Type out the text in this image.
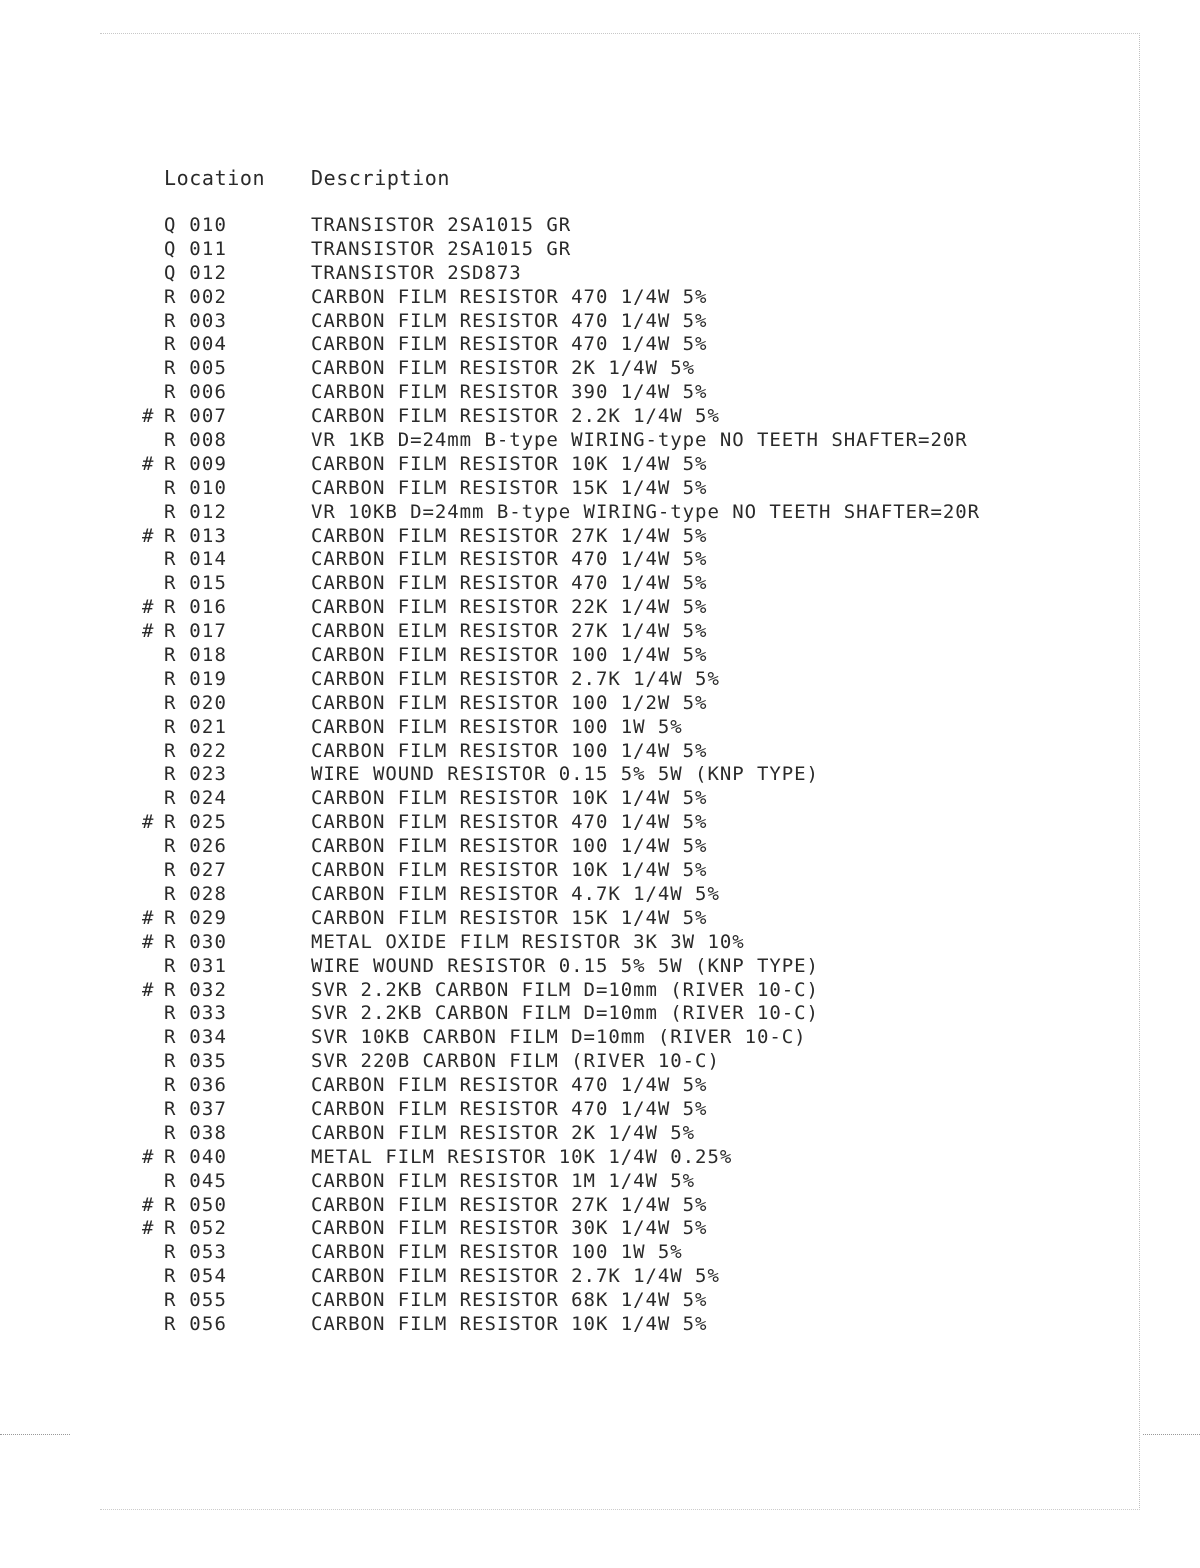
Location Description
Q 010	TRANSISTOR 2SA1015 GR
Q 011	TRANSISTOR 2SA1015 GR
Q 012	TRANSISTOR 2SD873
R 002	CARBON FILM RESISTOR 470 1/4W 5%
R 003	CARBON FILM RESISTOR 470 1/4W 5%
R 004	CARBON FILM RESISTOR 470 1/4W 5%
R 005	CARBON FILM RESISTOR 2K 1/4W 5%
R 006	CARBON FILM RESISTOR 390 1/4W 5%
# R 007	CARBON FILM RESISTOR 2.2K 1/4W 5%
R 008	VR 1KB D=24mm B-type WIRING-type NO TEETH SHAFTER=20R
# R 009	CARBON FILM RESISTOR 10K 1/4W 5%
R 010	CARBON FILM RESISTOR 15K 1/4W 5%
R 012	VR 10KB D=24mm B-type WIRING-type NO TEETH SHAFTER=20R
# R 013	CARBON FILM RESISTOR 27K 1/4W 5%
R 014	CARBON FILM RESISTOR 470 1/4W 5%
R 015	CARBON FILM RESISTOR 470 1/4W 5%
# R 016	CARBON FILM RESISTOR 22K 1/4W 5%
# R 017	CARBON EILM RESISTOR 27K 1/4W 5%
R 018	CARBON FILM RESISTOR 100 1/4W 5%
R 019	CARBON FILM RESISTOR 2.7K 1/4W 5%
R 020	CARBON FILM RESISTOR 100 1/2W 5%
R 021	CARBON FILM RESISTOR 100 1W 5%
R 022	CARBON FILM RESISTOR 100 1/4W 5%
R 023	WIRE WOUND RESISTOR 0.15 5% 5W (KNP TYPE)
R 024	CARBON FILM RESISTOR 10K 1/4W 5%
# R 025	CARBON FILM RESISTOR 470 1/4W 5%
R 026	CARBON FILM RESISTOR 100 1/4W 5%
R 027	CARBON FILM RESISTOR 10K 1/4W 5%
R 028	CARBON FILM RESISTOR 4.7K 1/4W 5%
# R 029	CARBON FILM RESISTOR 15K 1/4W 5%
# R 030	METAL OXIDE FILM RESISTOR 3K 3W 10%
R 031	WIRE WOUND RESISTOR 0.15 5% 5W (KNP TYPE)
# R 032	SVR 2.2KB CARBON FILM D=10mm (RIVER 10-C)
R 033	SVR 2.2KB CARBON FILM D=10mm (RIVER 10-C)
R 034	SVR 10KB CARBON FILM D=10mm (RIVER 10-C)
R 035	SVR 220B CARBON FILM (RIVER 10-C)
R 036	CARBON FILM RESISTOR 470 1/4W 5%
R 037	CARBON FILM RESISTOR 470 1/4W 5%
R 038	CARBON FILM RESISTOR 2K 1/4W 5%
# R 040	METAL FILM RESISTOR 10K 1/4W 0.25%
R 045	CARBON FILM RESISTOR 1M 1/4W 5%
# R 050	CARBON FILM RESISTOR 27K 1/4W 5%
# R 052	CARBON FILM RESISTOR 30K 1/4W 5%
R 053	CARBON FILM RESISTOR 100 1W 5%
R 054	CARBON FILM RESISTOR 2.7K 1/4W 5%
R 055	CARBON FILM RESISTOR 68K 1/4W 5%
R 056	CARBON FILM RESISTOR 10K 1/4W 5%
